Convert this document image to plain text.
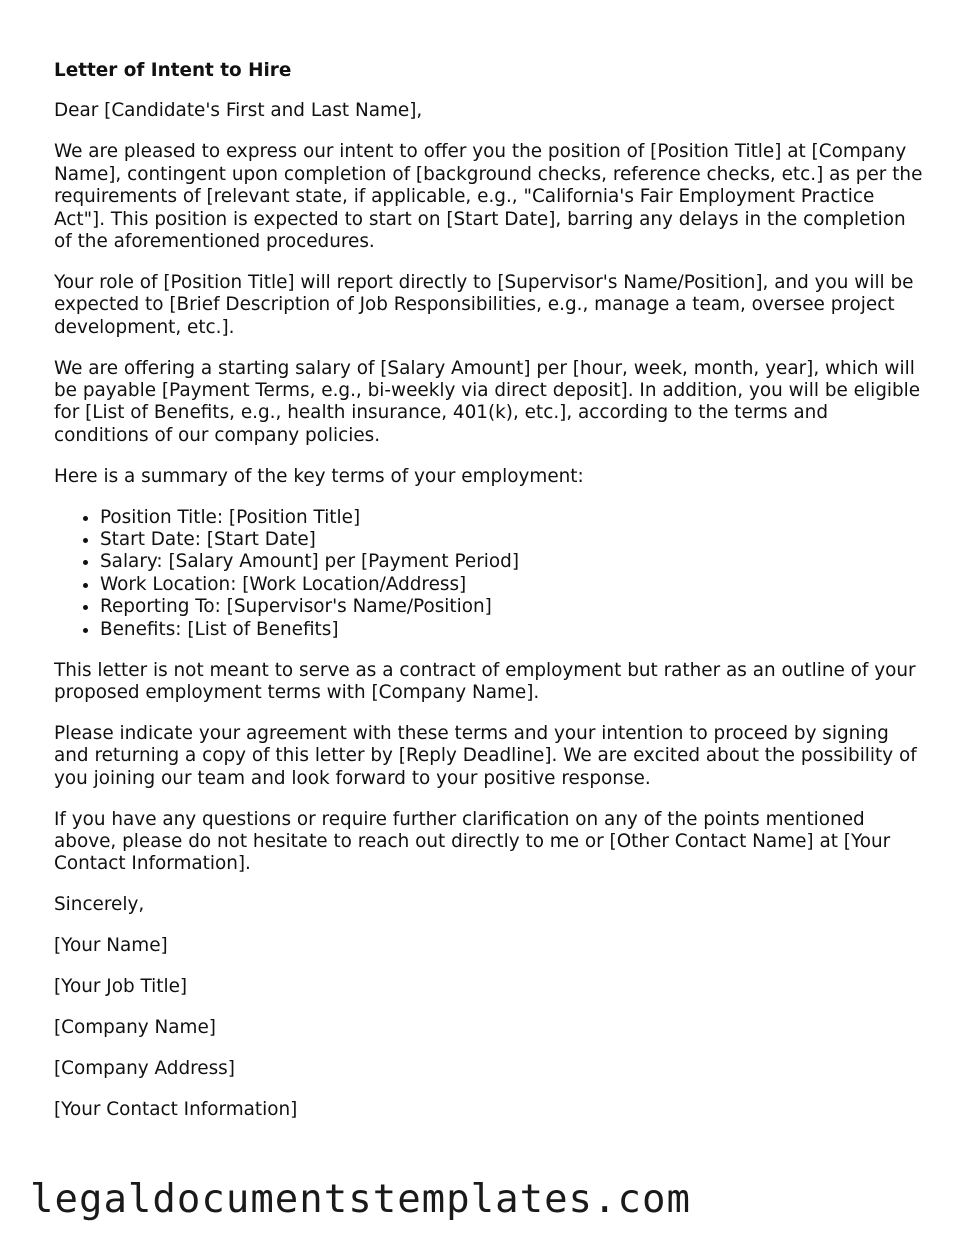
Letter of Intent to Hire
Dear [Candidate's First and Last Name],
We are pleased to express our intent to offer you the position of [Position Title] at [Company Name], contingent upon completion of [background checks, reference checks, etc.] as per the requirements of [relevant state, if applicable, e.g., "California's Fair Employment Practice Act"]. This position is expected to start on [Start Date], barring any delays in the completion of the aforementioned procedures.
Your role of [Position Title] will report directly to [Supervisor's Name/Position], and you will be expected to [Brief Description of Job Responsibilities, e.g., manage a team, oversee project development, etc.].
We are offering a starting salary of [Salary Amount] per [hour, week, month, year], which will be payable [Payment Terms, e.g., bi-weekly via direct deposit]. In addition, you will be eligible for [List of Benefits, e.g., health insurance, 401(k), etc.], according to the terms and conditions of our company policies.
Here is a summary of the key terms of your employment:
• Position Title: [Position Title]
• Start Date: [Start Date]
• Salary: [Salary Amount] per [Payment Period]
• Work Location: [Work Location/Address]
• Reporting To: [Supervisor's Name/Position]
• Benefits: [List of Benefits]
This letter is not meant to serve as a contract of employment but rather as an outline of your proposed employment terms with [Company Name].
Please indicate your agreement with these terms and your intention to proceed by signing and returning a copy of this letter by [Reply Deadline]. We are excited about the possibility of you joining our team and look forward to your positive response.
If you have any questions or require further clarification on any of the points mentioned above, please do not hesitate to reach out directly to me or [Other Contact Name] at [Your Contact Information].
Sincerely,
[Your Name]
[Your Job Title]
[Company Name]
[Company Address]
[Your Contact Information]
legaldocumentstemplates.com
